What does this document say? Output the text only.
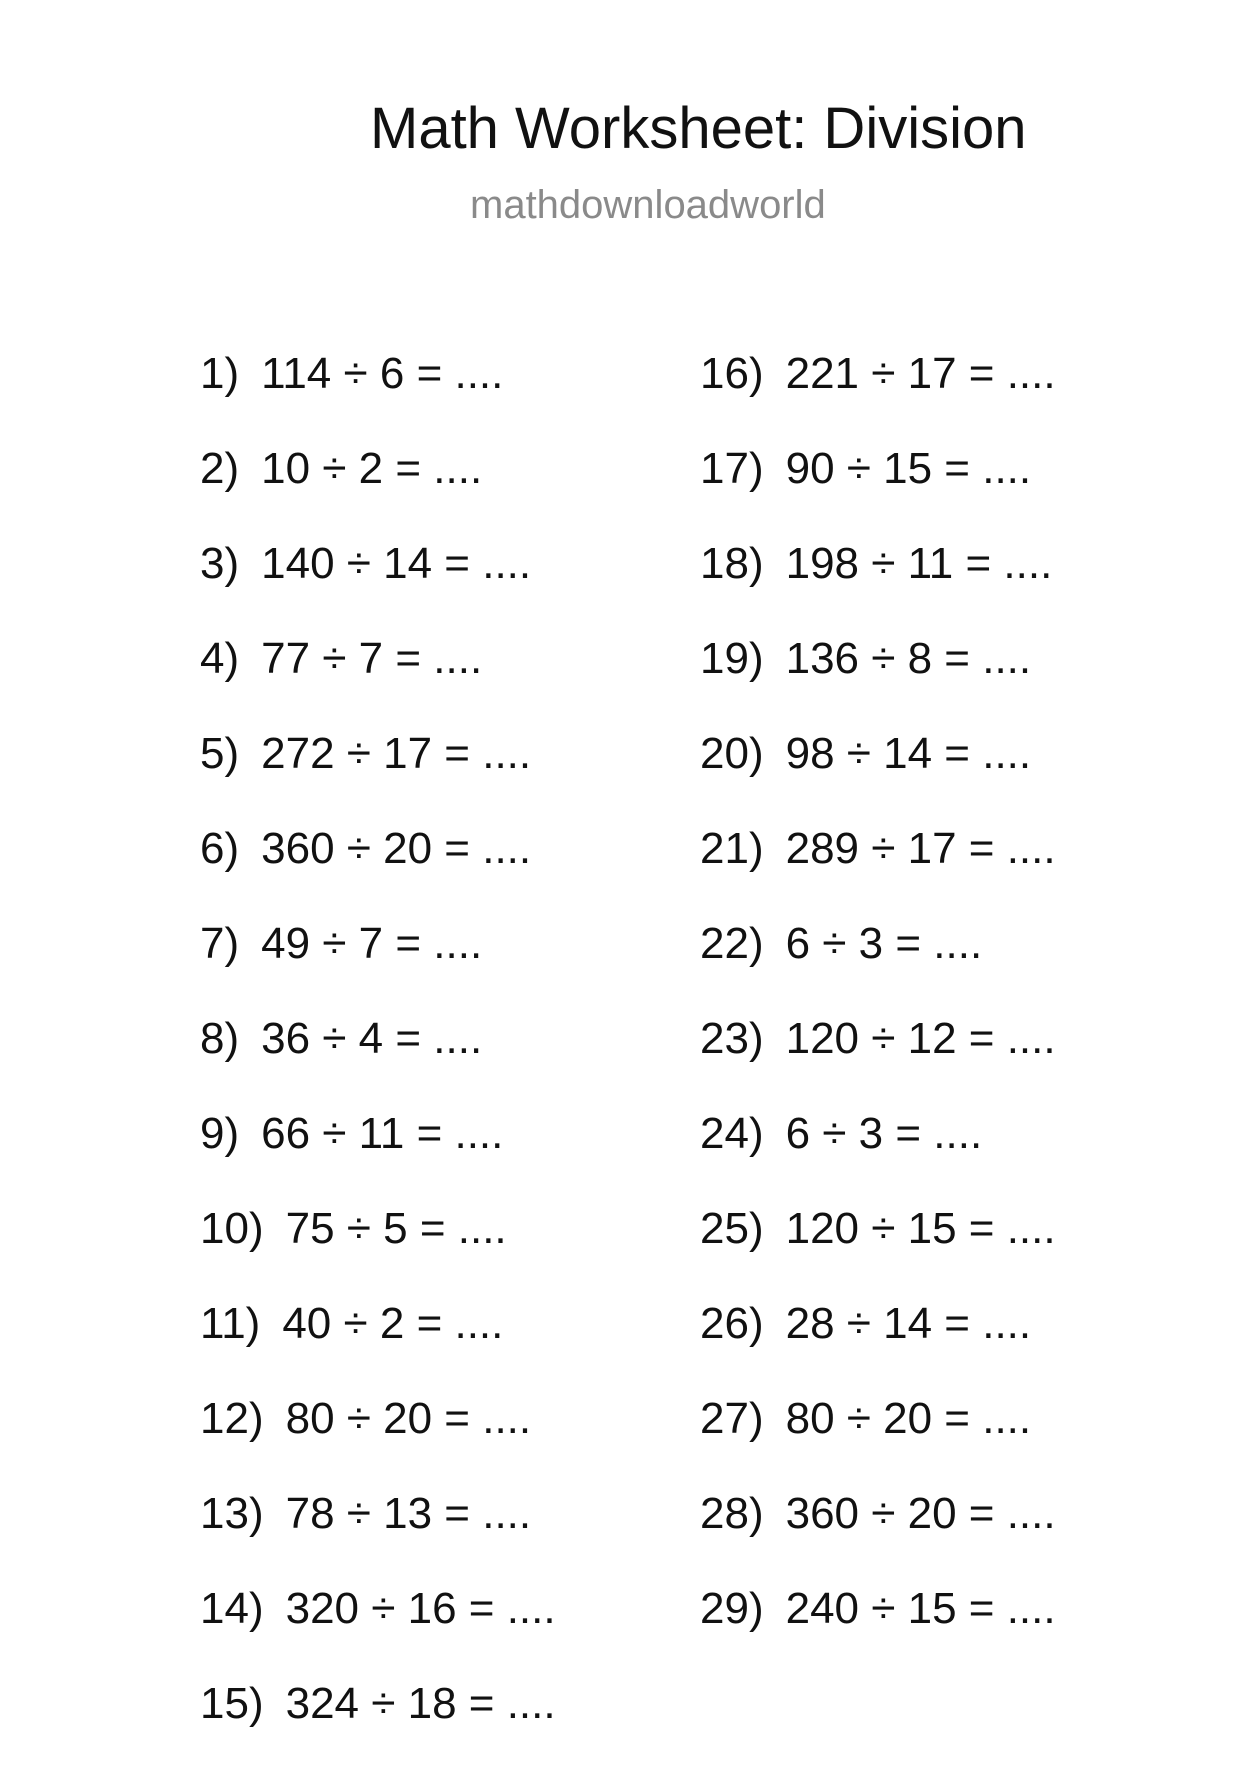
Math Worksheet: Division
mathdownloadworld
1) 114 ÷ 6 = ....
2) 10 ÷ 2 = ....
3) 140 ÷ 14 = ....
4) 77 ÷ 7 = ....
5) 272 ÷ 17 = ....
6) 360 ÷ 20 = ....
7) 49 ÷ 7 = ....
8) 36 ÷ 4 = ....
9) 66 ÷ 11 = ....
10) 75 ÷ 5 = ....
11) 40 ÷ 2 = ....
12) 80 ÷ 20 = ....
13) 78 ÷ 13 = ....
14) 320 ÷ 16 = ....
15) 324 ÷ 18 = ....
16) 221 ÷ 17 = ....
17) 90 ÷ 15 = ....
18) 198 ÷ 11 = ....
19) 136 ÷ 8 = ....
20) 98 ÷ 14 = ....
21) 289 ÷ 17 = ....
22) 6 ÷ 3 = ....
23) 120 ÷ 12 = ....
24) 6 ÷ 3 = ....
25) 120 ÷ 15 = ....
26) 28 ÷ 14 = ....
27) 80 ÷ 20 = ....
28) 360 ÷ 20 = ....
29) 240 ÷ 15 = ....
